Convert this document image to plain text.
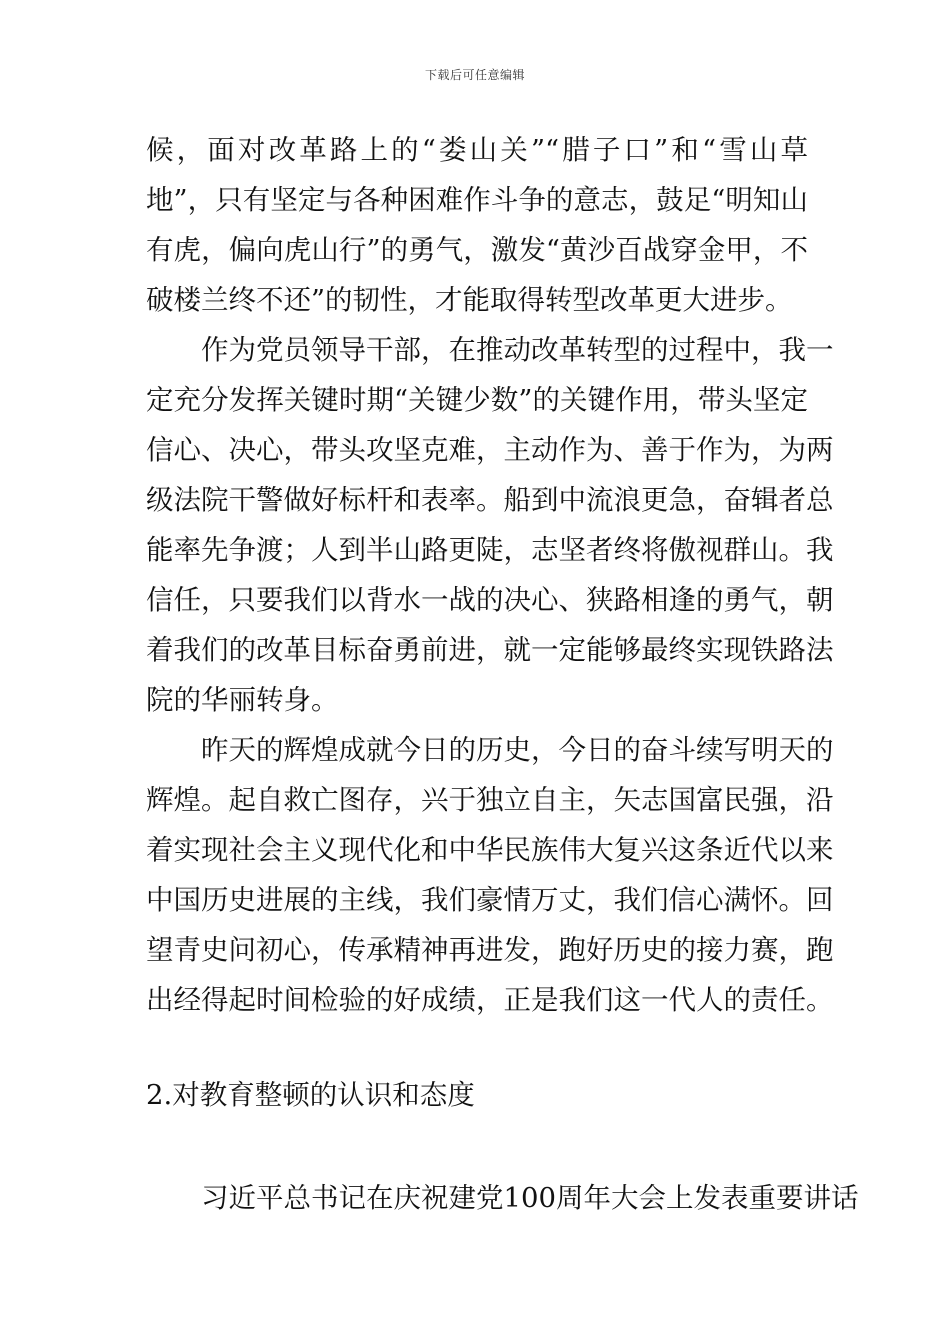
下载后可任意编辑
候，面对改革路上的“娄山关”“腊子口”和“雪山草
地”，只有坚定与各种困难作斗争的意志，鼓足“明知山
有虎，偏向虎山行”的勇气，激发“黄沙百战穿金甲，不
破楼兰终不还”的韧性，才能取得转型改革更大进步。
作为党员领导干部，在推动改革转型的过程中，我一
定充分发挥关键时期“关键少数”的关键作用，带头坚定
信心、决心，带头攻坚克难，主动作为、善于作为，为两
级法院干警做好标杆和表率。船到中流浪更急，奋辑者总
能率先争渡；人到半山路更陡，志坚者终将傲视群山。我
信任，只要我们以背水一战的决心、狭路相逢的勇气，朝
着我们的改革目标奋勇前进，就一定能够最终实现铁路法
院的华丽转身。
昨天的辉煌成就今日的历史，今日的奋斗续写明天的
辉煌。起自救亡图存，兴于独立自主，矢志国富民强，沿
着实现社会主义现代化和中华民族伟大复兴这条近代以来
中国历史进展的主线，我们豪情万丈，我们信心满怀。回
望青史问初心，传承精神再进发，跑好历史的接力赛，跑
出经得起时间检验的好成绩，正是我们这一代人的责任。
2.对教育整顿的认识和态度
习近平总书记在庆祝建党100周年大会上发表重要讲话
